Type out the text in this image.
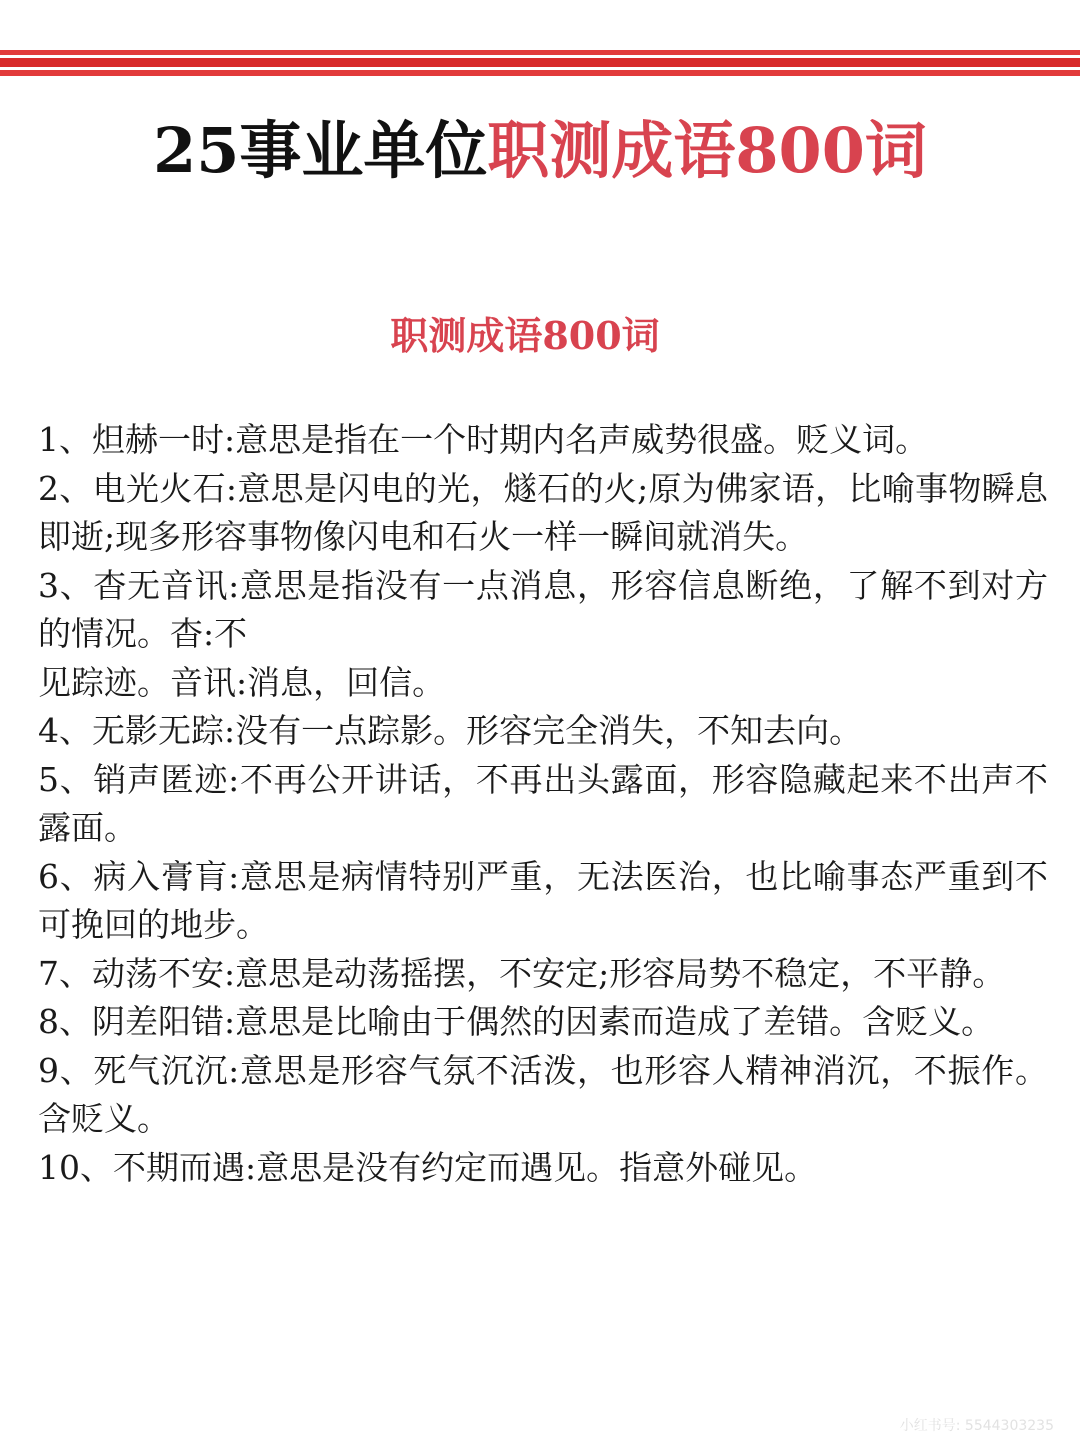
25事业单位职测成语800词
职测成语800词
1、炟赫一时:意思是指在一个时期内名声威势很盛。贬义词。
2、电光火石:意思是闪电的光，燧石的火;原为佛家语，比喻事物瞬息即逝;现多形容事物像闪电和石火一样一瞬间就消失。
3、杳无音讯:意思是指没有一点消息，形容信息断绝，了解不到对方的情况。杳:不
见踪迹。音讯:消息，回信。
4、无影无踪:没有一点踪影。形容完全消失，不知去向。
5、销声匿迹:不再公开讲话，不再出头露面，形容隐藏起来不出声不露面。
6、病入膏肓:意思是病情特别严重，无法医治，也比喻事态严重到不可挽回的地步。
7、动荡不安:意思是动荡摇摆，不安定;形容局势不稳定，不平静。
8、阴差阳错:意思是比喻由于偶然的因素而造成了差错。含贬义。
9、死气沉沉:意思是形容气氛不活泼，也形容人精神消沉，不振作。含贬义。
10、不期而遇:意思是没有约定而遇见。指意外碰见。
小红书号: 5544303235
